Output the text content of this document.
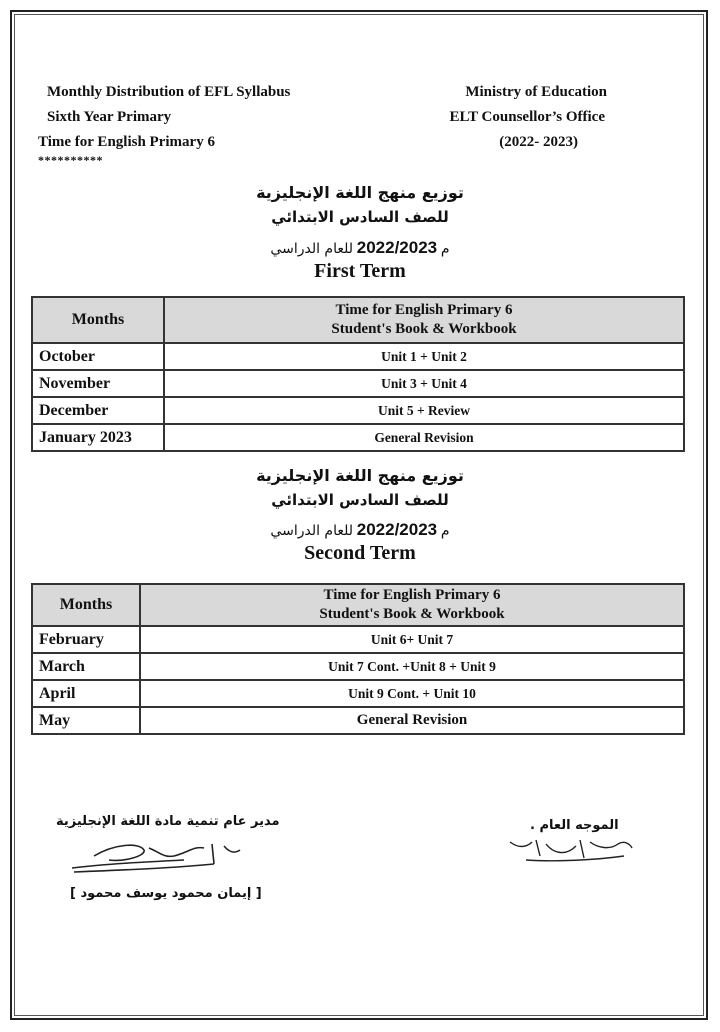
Monthly Distribution of EFL Syllabus
Sixth Year Primary
Time for English Primary 6
**********
Ministry of Education
ELT Counsellor’s Office
(2022- 2023)
توزيع منهج اللغة الإنجليزية
للصف السادس الابتدائي
م 2022/2023 للعام الدراسي
First Term
Months	Time for English Primary 6
Student's Book & Workbook

October	Unit 1 + Unit 2
November	Unit 3 + Unit 4
December	Unit 5 + Review
January 2023	General Revision
توزيع منهج اللغة الإنجليزية
للصف السادس الابتدائي
م 2022/2023 للعام الدراسي
Second Term
Months	Time for English Primary 6
Student's Book & Workbook

February	Unit 6+ Unit 7
March	Unit 7 Cont. +Unit 8 + Unit 9
April	Unit 9 Cont. + Unit 10
May	General Revision
مدير عام تنمية مادة اللغة الإنجليزية
[ إيمان محمود يوسف محمود ]
الموجه العام .
